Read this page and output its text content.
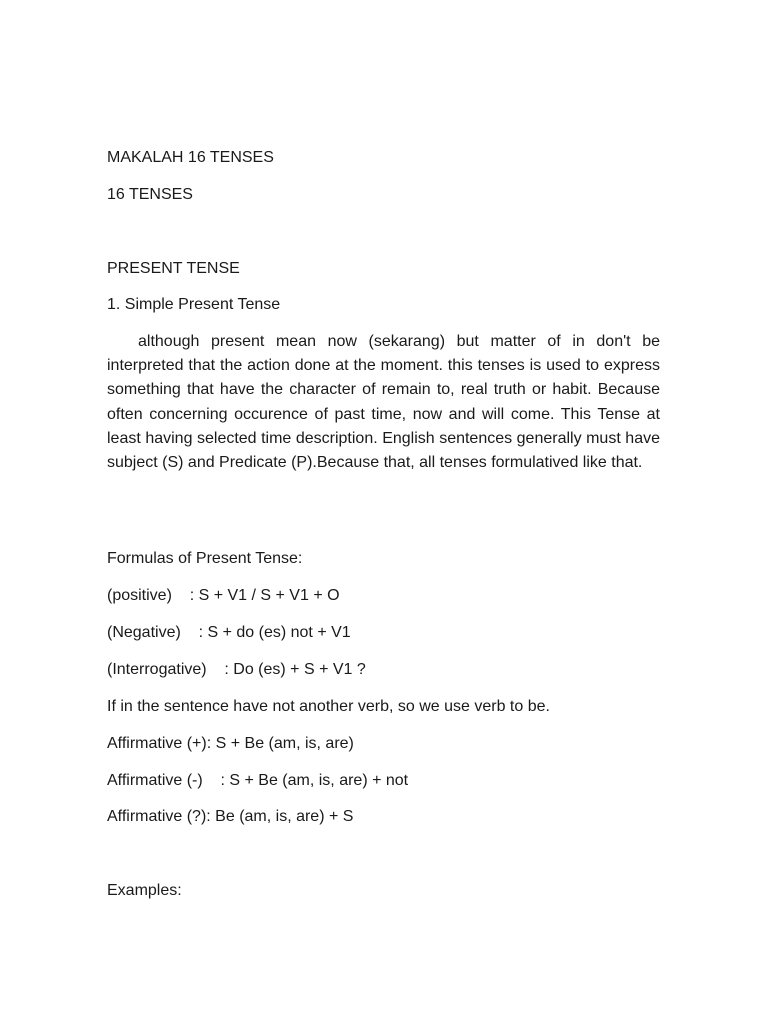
MAKALAH 16 TENSES

16 TENSES

PRESENT TENSE

1. Simple Present Tense

although present mean now (sekarang) but matter of in don't be interpreted that the action done at the moment. this tenses is used to express something that have the character of remain to, real truth or habit. Because often concerning occurence of past time, now and will come. This Tense at least having selected time description. English sentences generally must have subject (S) and Predicate (P).Because that, all tenses formulatived like that.

Formulas of Present Tense:

(positive)    : S + V1 / S + V1 + O

(Negative)    : S + do (es) not + V1

(Interrogative)    : Do (es) + S + V1 ?

If in the sentence have not another verb, so we use verb to be.

Affirmative (+): S + Be (am, is, are)

Affirmative (-)    : S + Be (am, is, are) + not

Affirmative (?): Be (am, is, are) + S

Examples:
